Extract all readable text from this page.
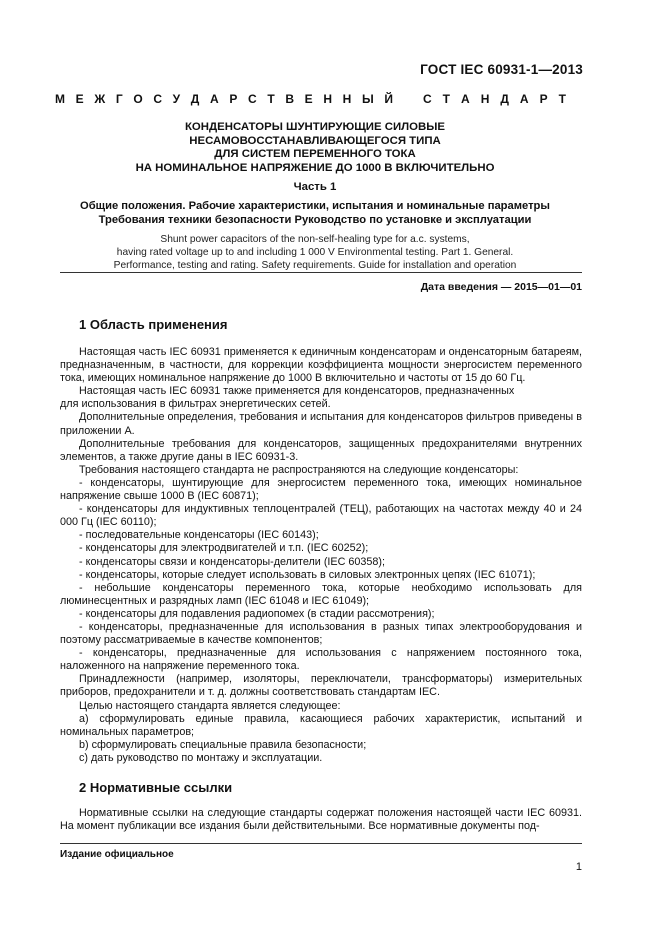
ГОСТ IEC 60931-1—2013
М Е Ж Г О С У Д А Р С Т В Е Н Н Ы Й	С Т А Н Д А Р Т
КОНДЕНСАТОРЫ ШУНТИРУЮЩИЕ СИЛОВЫЕ
НЕСАМОВОССТАНАВЛИВАЮЩЕГОСЯ ТИПА
ДЛЯ СИСТЕМ ПЕРЕМЕННОГО ТОКА
НА НОМИНАЛЬНОЕ НАПРЯЖЕНИЕ ДО 1000 В ВКЛЮЧИТЕЛЬНО
Часть 1
Общие положения. Рабочие характеристики, испытания и номинальные параметры
Требования техники безопасности Руководство по установке и эксплуатации
Shunt power capacitors of the non-self-healing type for a.c. systems,
having rated voltage up to and including 1 000 V Environmental testing. Part 1. General.
Performance, testing and rating. Safety requirements. Guide for installation and operation
Дата введения — 2015—01—01
1 Область применения

Настоящая часть IEC 60931 применяется к единичным конденсаторам и онденсаторным батареям, предназначенным, в частности, для коррекции коэффициента мощности энергосистем переменного тока, имеющих номинальное напряжение до 1000 В включительно и частоты от 15 до 60 Гц.

Настоящая часть IEC 60931 также применяется для конденсаторов, предназначенных

для использования в фильтрах энергетических сетей.

Дополнительные определения, требования и испытания для конденсаторов фильтров приведены в приложении А.

Дополнительные требования для конденсаторов, защищенных предохранителями внутренних элементов, а также другие даны в IEC 60931-3.

Требования настоящего стандарта не распространяются на следующие конденсаторы:

- конденсаторы, шунтирующие для энергосистем переменного тока, имеющих номинальное напряжение свыше 1000 В (IEC 60871);

- конденсаторы для индуктивных теплоцентралей (ТЕЦ), работающих на частотах между 40 и 24 000 Гц (IEC 60110);

- последовательные конденсаторы (IEC 60143);

- конденсаторы для электродвигателей и т.п. (IEC 60252);

- конденсаторы связи и конденсаторы-делители (IEC 60358);

- конденсаторы, которые следует использовать в силовых электронных цепях (IEC 61071);

- небольшие конденсаторы переменного тока, которые необходимо использовать для люминесцентных и разрядных ламп (IEC 61048 и IEC 61049);

- конденсаторы для подавления радиопомех (в стадии рассмотрения);

- конденсаторы, предназначенные для использования в разных типах электрооборудования и поэтому рассматриваемые в качестве компонентов;

- конденсаторы, предназначенные для использования с напряжением постоянного тока, наложенного на напряжение переменного тока.

Принадлежности (например, изоляторы, переключатели, трансформаторы) измерительных приборов, предохранители и т. д. должны соответствовать стандартам IEC.

Целью настоящего стандарта является следующее:

a) сформулировать единые правила, касающиеся рабочих характеристик, испытаний и номинальных параметров;

b) сформулировать специальные правила безопасности;

c) дать руководство по монтажу и эксплуатации.

2 Нормативные ссылки

Нормативные ссылки на следующие стандарты содержат положения настоящей части IEC 60931. На момент публикации все издания были действительными. Все нормативные документы под-

Издание официальное
1
